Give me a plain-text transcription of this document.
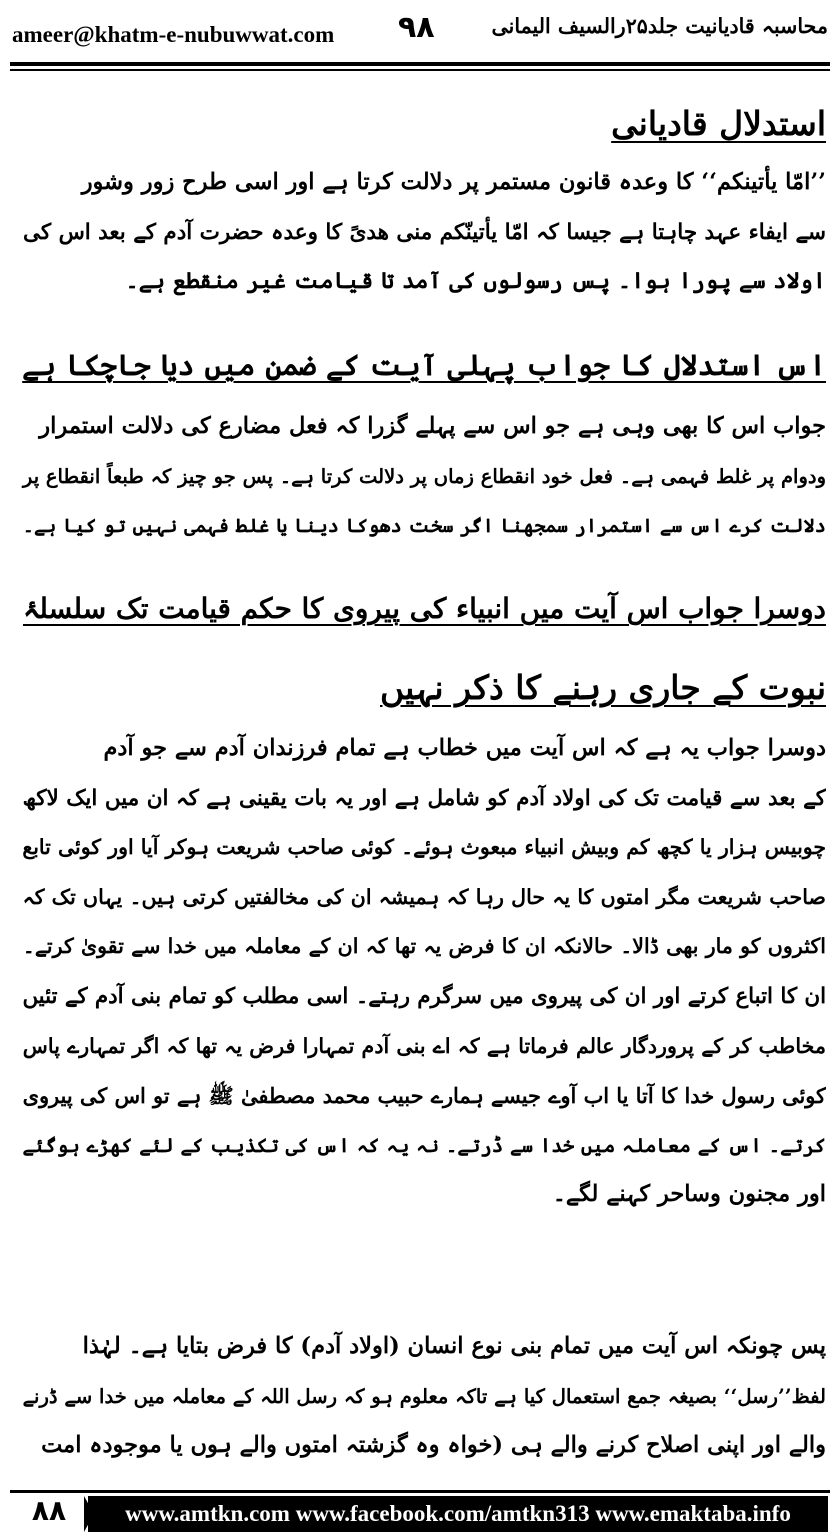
ameer@khatm-e-nubuwwat.com ۹۸	محاسبہ قادیانیت جلد۲۵رالسیف الیمانی
استدلال قادیانی
’’امّا یأتینکم‘‘ کا وعدہ قانون مستمر پر دلالت کرتا ہے اور اسی طرح زور وشور
سے ایفاء عہد چاہتا ہے جیسا کہ امّا یأتینّکم منی ھدیً کا وعدہ حضرت آدم کے بعد اس کی
اولاد سے پورا ہوا۔ پس رسولوں کی آمد تا قیامت غیر منقطع ہے۔
اس استدلال کا جواب پہلی آیت کے ضمن میں دیا جاچکا ہے
جواب اس کا بھی وہی ہے جو اس سے پہلے گزرا کہ فعل مضارع کی دلالت استمرار
ودوام پر غلط فہمی ہے۔ فعل خود انقطاع زماں پر دلالت کرتا ہے۔ پس جو چیز کہ طبعاً انقطاع پر
دلالت کرے اس سے استمرار سمجھنا اگر سخت دھوکا دینا یا غلط فہمی نہیں تو کیا ہے۔
دوسرا جواب اس آیت میں انبیاء کی پیروی کا حکم قیامت تک سلسلۂ
نبوت کے جاری رہنے کا ذکر نہیں
دوسرا جواب یہ ہے کہ اس آیت میں خطاب ہے تمام فرزندان آدم سے جو آدم
کے بعد سے قیامت تک کی اولاد آدم کو شامل ہے اور یہ بات یقینی ہے کہ ان میں ایک لاکھ
چوبیس ہزار یا کچھ کم وبیش انبیاء مبعوث ہوئے۔ کوئی صاحب شریعت ہوکر آیا اور کوئی تابع
صاحب شریعت مگر امتوں کا یہ حال رہا کہ ہمیشہ ان کی مخالفتیں کرتی ہیں۔ یہاں تک کہ
اکثروں کو مار بھی ڈالا۔ حالانکہ ان کا فرض یہ تھا کہ ان کے معاملہ میں خدا سے تقویٰ کرتے۔
ان کا اتباع کرتے اور ان کی پیروی میں سرگرم رہتے۔ اسی مطلب کو تمام بنی آدم کے تئیں
مخاطب کر کے پروردگار عالم فرماتا ہے کہ اے بنی آدم تمہارا فرض یہ تھا کہ اگر تمہارے پاس
کوئی رسول خدا کا آتا یا اب آوے جیسے ہمارے حبیب محمد مصطفیٰ ﷺ ہے تو اس کی پیروی
کرتے۔ اس کے معاملہ میں خدا سے ڈرتے۔ نہ یہ کہ اس کی تکذیب کے لئے کھڑے ہوگئے
اور مجنون وساحر کہنے لگے۔
پس چونکہ اس آیت میں تمام بنی نوع انسان (اولاد آدم) کا فرض بتایا ہے۔ لہٰذا
لفظ’’رسل‘‘ بصیغہ جمع استعمال کیا ہے تاکہ معلوم ہو کہ رسل اللہ کے معاملہ میں خدا سے ڈرنے
والے اور اپنی اصلاح کرنے والے ہی (خواہ وہ گزشتہ امتوں والے ہوں یا موجودہ امت
۸۸	www.amtkn.com www.facebook.com/amtkn313 www.emaktaba.info
